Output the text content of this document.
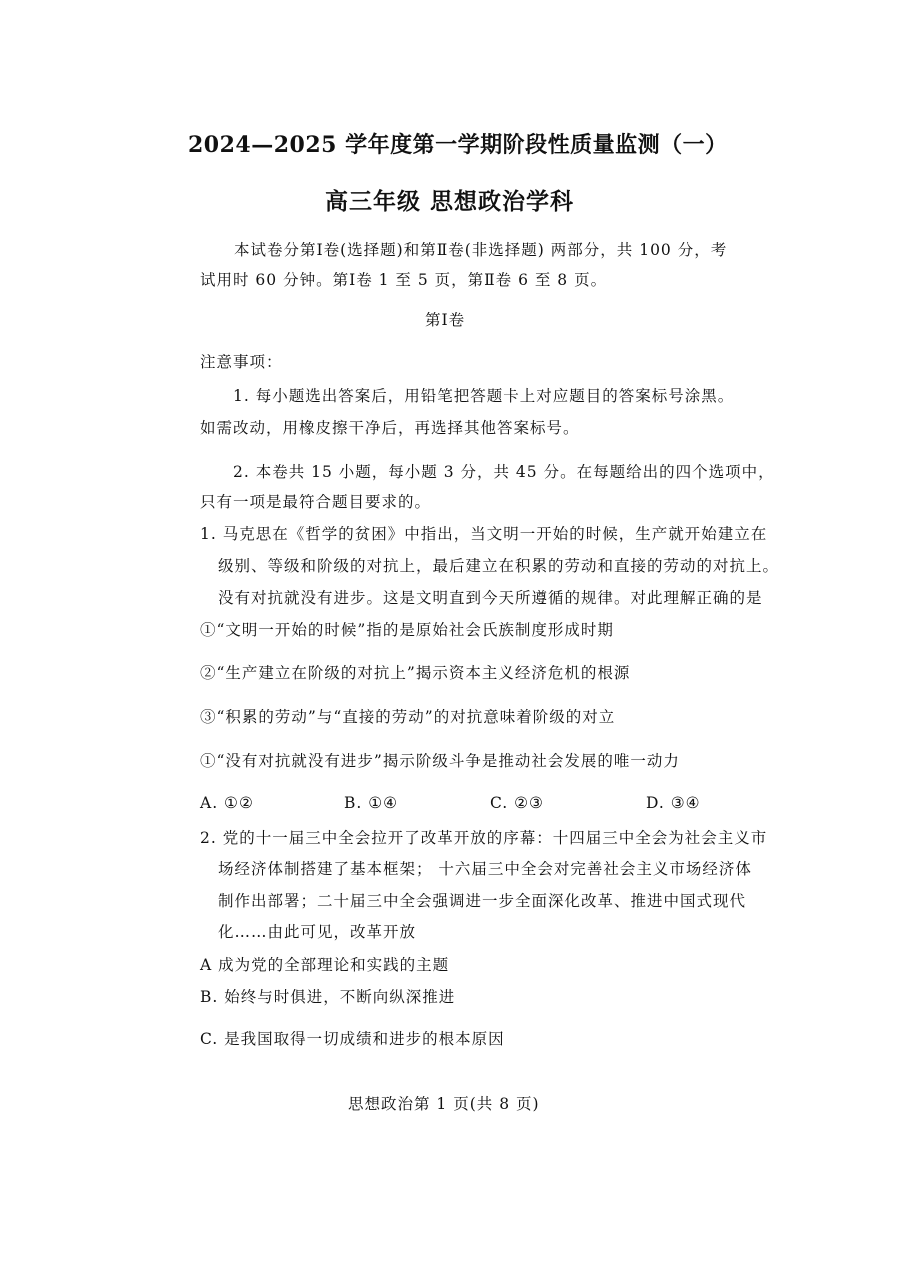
2024—2025 学年度第一学期阶段性质量监测（一）
高三年级 思想政治学科
本试卷分第Ⅰ卷(选择题)和第Ⅱ卷(非选择题) 两部分，共 100 分，考
试用时 60 分钟。第Ⅰ卷 1 至 5 页，第Ⅱ卷 6 至 8 页。
第Ⅰ卷
注意事项：
1. 每小题选出答案后，用铅笔把答题卡上对应题目的答案标号涂黑。
如需改动，用橡皮擦干净后，再选择其他答案标号。
2. 本卷共 15 小题，每小题 3 分，共 45 分。在每题给出的四个选项中，
只有一项是最符合题目要求的。
1. 马克思在《哲学的贫困》中指出，当文明一开始的时候，生产就开始建立在
级别、等级和阶级的对抗上，最后建立在积累的劳动和直接的劳动的对抗上。
没有对抗就没有进步。这是文明直到今天所遵循的规律。对此理解正确的是
①“文明一开始的时候”指的是原始社会氏族制度形成时期
②“生产建立在阶级的对抗上”揭示资本主义经济危机的根源
③“积累的劳动”与“直接的劳动”的对抗意味着阶级的对立
①“没有对抗就没有进步”揭示阶级斗争是推动社会发展的唯一动力
A. ①②	B. ①④	C. ②③	D. ③④
2. 党的十一届三中全会拉开了改革开放的序幕：十四届三中全会为社会主义市
场经济体制搭建了基本框架； 十六届三中全会对完善社会主义市场经济体
制作出部署；二十届三中全会强调进一步全面深化改革、推进中国式现代
化……由此可见，改革开放
A 成为党的全部理论和实践的主题
B. 始终与时俱进，不断向纵深推进
C. 是我国取得一切成绩和进步的根本原因
思想政治第 1 页(共 8 页)
